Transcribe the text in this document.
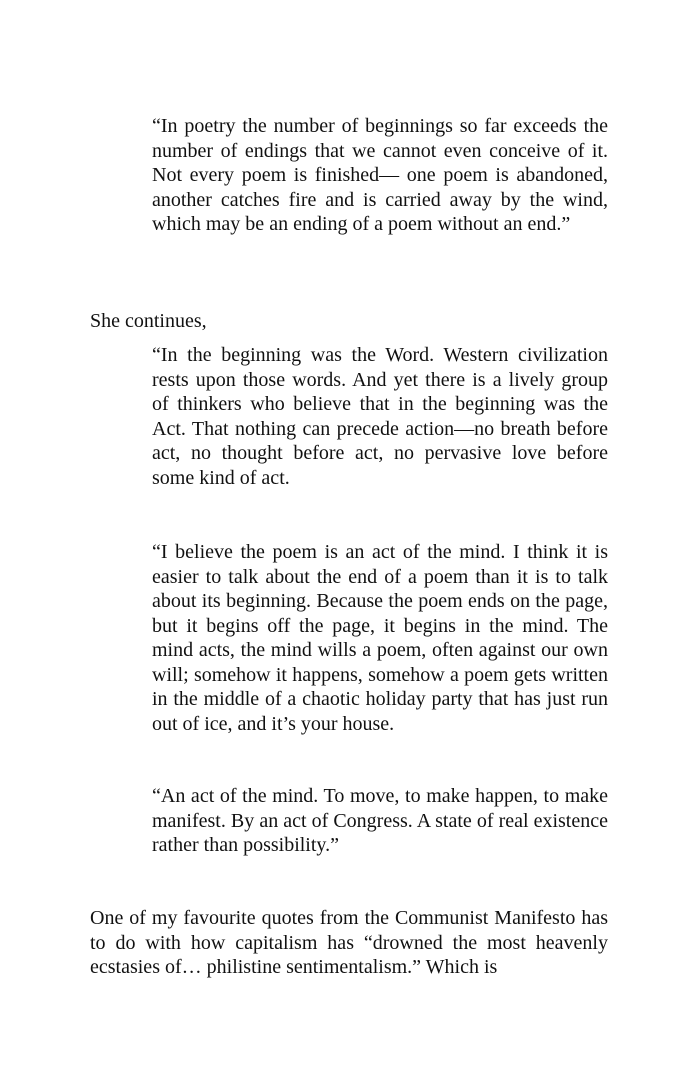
“In poetry the number of beginnings so far exceeds the number of endings that we cannot even conceive of it. Not every poem is finished— one poem is abandoned, another catches fire and is carried away by the wind, which may be an ending of a poem without an end.”

She continues,

“In the beginning was the Word. Western civilization rests upon those words. And yet there is a lively group of thinkers who believe that in the beginning was the Act. That nothing can precede action—no breath before act, no thought before act, no pervasive love before some kind of act.

“I believe the poem is an act of the mind. I think it is easier to talk about the end of a poem than it is to talk about its beginning. Because the poem ends on the page, but it begins off the page, it begins in the mind. The mind acts, the mind wills a poem, often against our own will; somehow it happens, somehow a poem gets written in the middle of a chaotic holiday party that has just run out of ice, and it’s your house.

“An act of the mind. To move, to make happen, to make manifest. By an act of Congress. A state of real existence rather than possibility.”

One of my favourite quotes from the Communist Manifesto has to do with how capitalism has “drowned the most heavenly ecstasies of… philistine sentimentalism.” Which is
